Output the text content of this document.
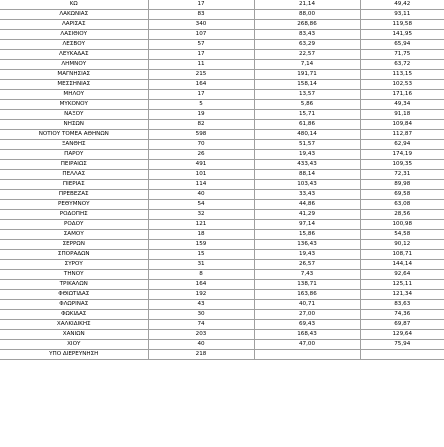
ΚΩ	17	21,14	49,42
ΛΑΚΩΝΙΑΣ	83	88,00	93,11
ΛΑΡΙΣΑΣ	340	268,86	119,58
ΛΑΣΙΘΙΟΥ	107	83,43	141,95
ΛΕΣΒΟΥ	57	63,29	65,94
ΛΕΥΚΑΔΑΣ	17	22,57	71,75
ΛΗΜΝΟΥ	11	7,14	63,72
ΜΑΓΝΗΣΙΑΣ	215	191,71	113,15
ΜΕΣΣΗΝΙΑΣ	164	158,14	102,53
ΜΗΛΟΥ	17	13,57	171,16
ΜΥΚΟΝΟΥ	5	5,86	49,34
ΝΑΞΟΥ	19	15,71	91,18
ΝΗΣΩΝ	82	61,86	109,84
ΝΟΤΙΟΥ ΤΟΜΕΑ ΑΘΗΝΩΝ	598	480,14	112,87
ΞΑΝΘΗΣ	70	51,57	62,94
ΠΑΡΟΥ	26	19,43	174,19
ΠΕΙΡΑΙΩΣ	491	433,43	109,35
ΠΕΛΛΑΣ	101	88,14	72,31
ΠΙΕΡΙΑΣ	114	103,43	89,98
ΠΡΕΒΕΖΑΣ	40	33,43	69,58
ΡΕΘΥΜΝΟΥ	54	44,86	63,08
ΡΟΔΟΠΗΣ	32	41,29	28,56
ΡΟΔΟΥ	121	97,14	100,98
ΣΑΜΟΥ	18	15,86	54,58
ΣΕΡΡΩΝ	159	136,43	90,12
ΣΠΟΡΑΔΩΝ	15	19,43	108,71
ΣΥΡΟΥ	31	26,57	144,14
ΤΗΝΟΥ	8	7,43	92,64
ΤΡΙΚΑΛΩΝ	164	138,71	125,11
ΦΘΙΩΤΙΔΑΣ	192	163,86	121,34
ΦΛΩΡΙΝΑΣ	43	40,71	83,63
ΦΩΚΙΔΑΣ	30	27,00	74,36
ΧΑΛΚΙΔΙΚΗΣ	74	69,43	69,87
ΧΑΝΙΩΝ	203	168,43	129,64
ΧΙΟΥ	40	47,00	75,94
ΥΠΟ ΔΙΕΡΕΥΝΗΣΗ	218		
